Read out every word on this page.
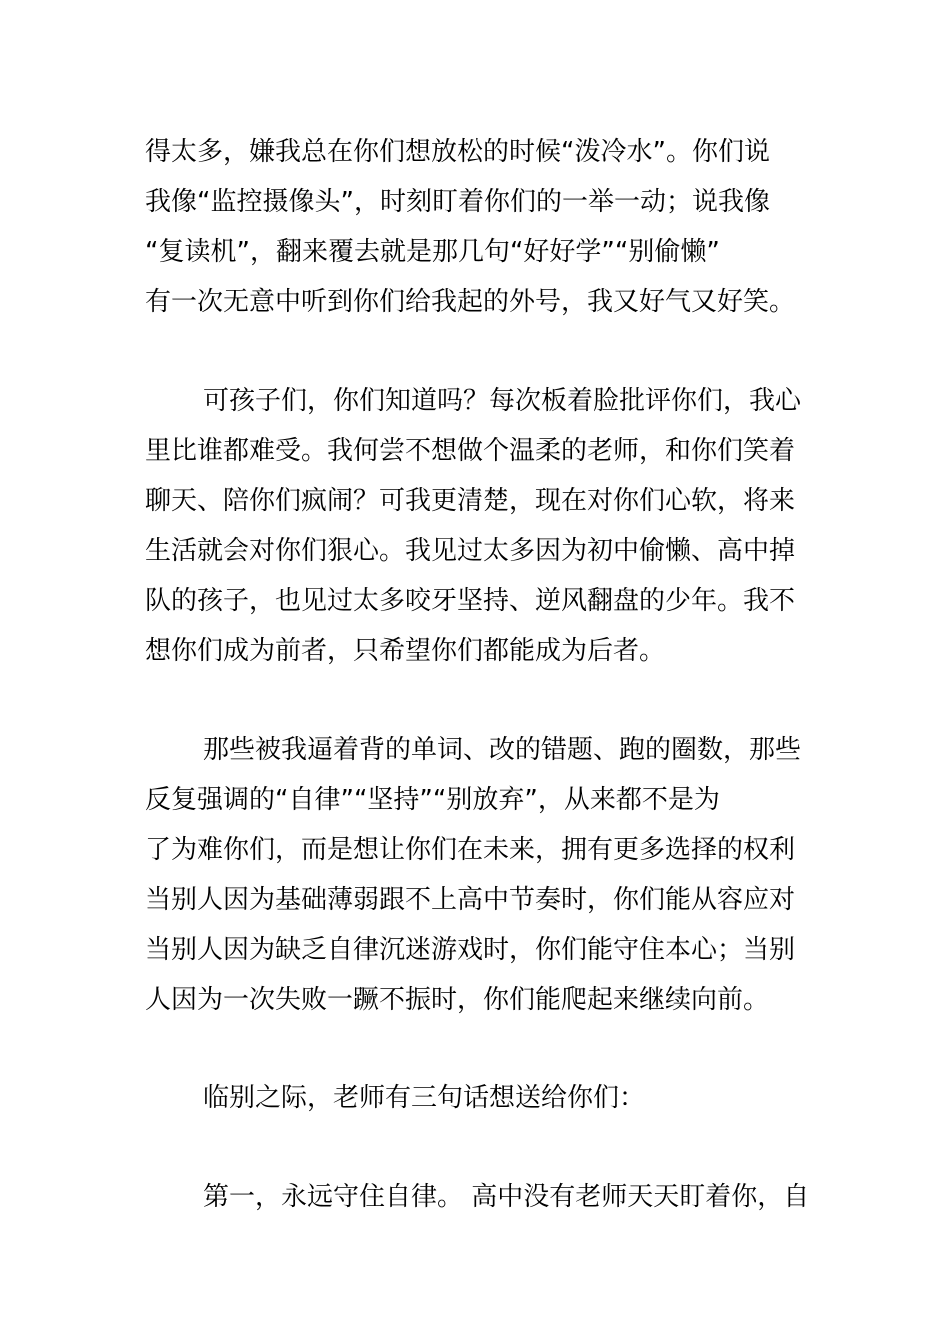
得太多，嫌我总在你们想放松的时候“泼冷水”。你们说
我像“监控摄像头”，时刻盯着你们的一举一动；说我像
“复读机”，翻来覆去就是那几句“好好学”“别偷懒”
有一次无意中听到你们给我起的外号，我又好气又好笑。
可孩子们，你们知道吗？每次板着脸批评你们，我心
里比谁都难受。我何尝不想做个温柔的老师，和你们笑着
聊天、陪你们疯闹？可我更清楚，现在对你们心软，将来
生活就会对你们狠心。我见过太多因为初中偷懒、高中掉
队的孩子，也见过太多咬牙坚持、逆风翻盘的少年。我不
想你们成为前者，只希望你们都能成为后者。
那些被我逼着背的单词、改的错题、跑的圈数，那些
反复强调的“自律”“坚持”“别放弃”，从来都不是为
了为难你们，而是想让你们在未来，拥有更多选择的权利
当别人因为基础薄弱跟不上高中节奏时，你们能从容应对
当别人因为缺乏自律沉迷游戏时，你们能守住本心；当别
人因为一次失败一蹶不振时，你们能爬起来继续向前。
临别之际，老师有三句话想送给你们：
第一，永远守住自律。 高中没有老师天天盯着你，自
